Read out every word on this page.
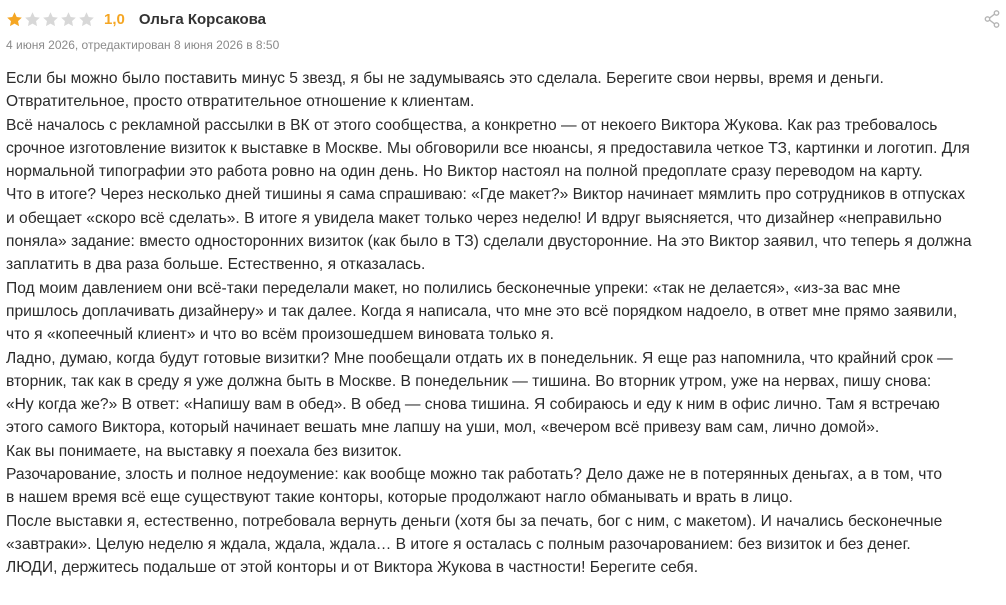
1,0 Ольга Корсакова
4 июня 2026, отредактирован 8 июня 2026 в 8:50

Если бы можно было поставить минус 5 звезд, я бы не задумываясь это сделала. Берегите свои нервы, время и деньги.

Отвратительное, просто отвратительное отношение к клиентам.

Всё началось с рекламной рассылки в ВК от этого сообщества, а конкретно — от некоего Виктора Жукова. Как раз требовалось

срочное изготовление визиток к выставке в Москве. Мы обговорили все нюансы, я предоставила четкое ТЗ, картинки и логотип. Для

нормальной типографии это работа ровно на один день. Но Виктор настоял на полной предоплате сразу переводом на карту.

Что в итоге? Через несколько дней тишины я сама спрашиваю: «Где макет?» Виктор начинает мямлить про сотрудников в отпусках

и обещает «скоро всё сделать». В итоге я увидела макет только через неделю! И вдруг выясняется, что дизайнер «неправильно

поняла» задание: вместо односторонних визиток (как было в ТЗ) сделали двусторонние. На это Виктор заявил, что теперь я должна

заплатить в два раза больше. Естественно, я отказалась.

Под моим давлением они всё-таки переделали макет, но полились бесконечные упреки: «так не делается», «из-за вас мне

пришлось доплачивать дизайнеру» и так далее. Когда я написала, что мне это всё порядком надоело, в ответ мне прямо заявили,

что я «копеечный клиент» и что во всём произошедшем виновата только я.

Ладно, думаю, когда будут готовые визитки? Мне пообещали отдать их в понедельник. Я еще раз напомнила, что крайний срок —

вторник, так как в среду я уже должна быть в Москве. В понедельник — тишина. Во вторник утром, уже на нервах, пишу снова:

«Ну когда же?» В ответ: «Напишу вам в обед». В обед — снова тишина. Я собираюсь и еду к ним в офис лично. Там я встречаю

этого самого Виктора, который начинает вешать мне лапшу на уши, мол, «вечером всё привезу вам сам, лично домой».

Как вы понимаете, на выставку я поехала без визиток.

Разочарование, злость и полное недоумение: как вообще можно так работать? Дело даже не в потерянных деньгах, а в том, что

в нашем время всё еще существуют такие конторы, которые продолжают нагло обманывать и врать в лицо.

После выставки я, естественно, потребовала вернуть деньги (хотя бы за печать, бог с ним, с макетом). И начались бесконечные

«завтраки». Целую неделю я ждала, ждала, ждала… В итоге я осталась с полным разочарованием: без визиток и без денег.

ЛЮДИ, держитесь подальше от этой конторы и от Виктора Жукова в частности! Берегите себя.
